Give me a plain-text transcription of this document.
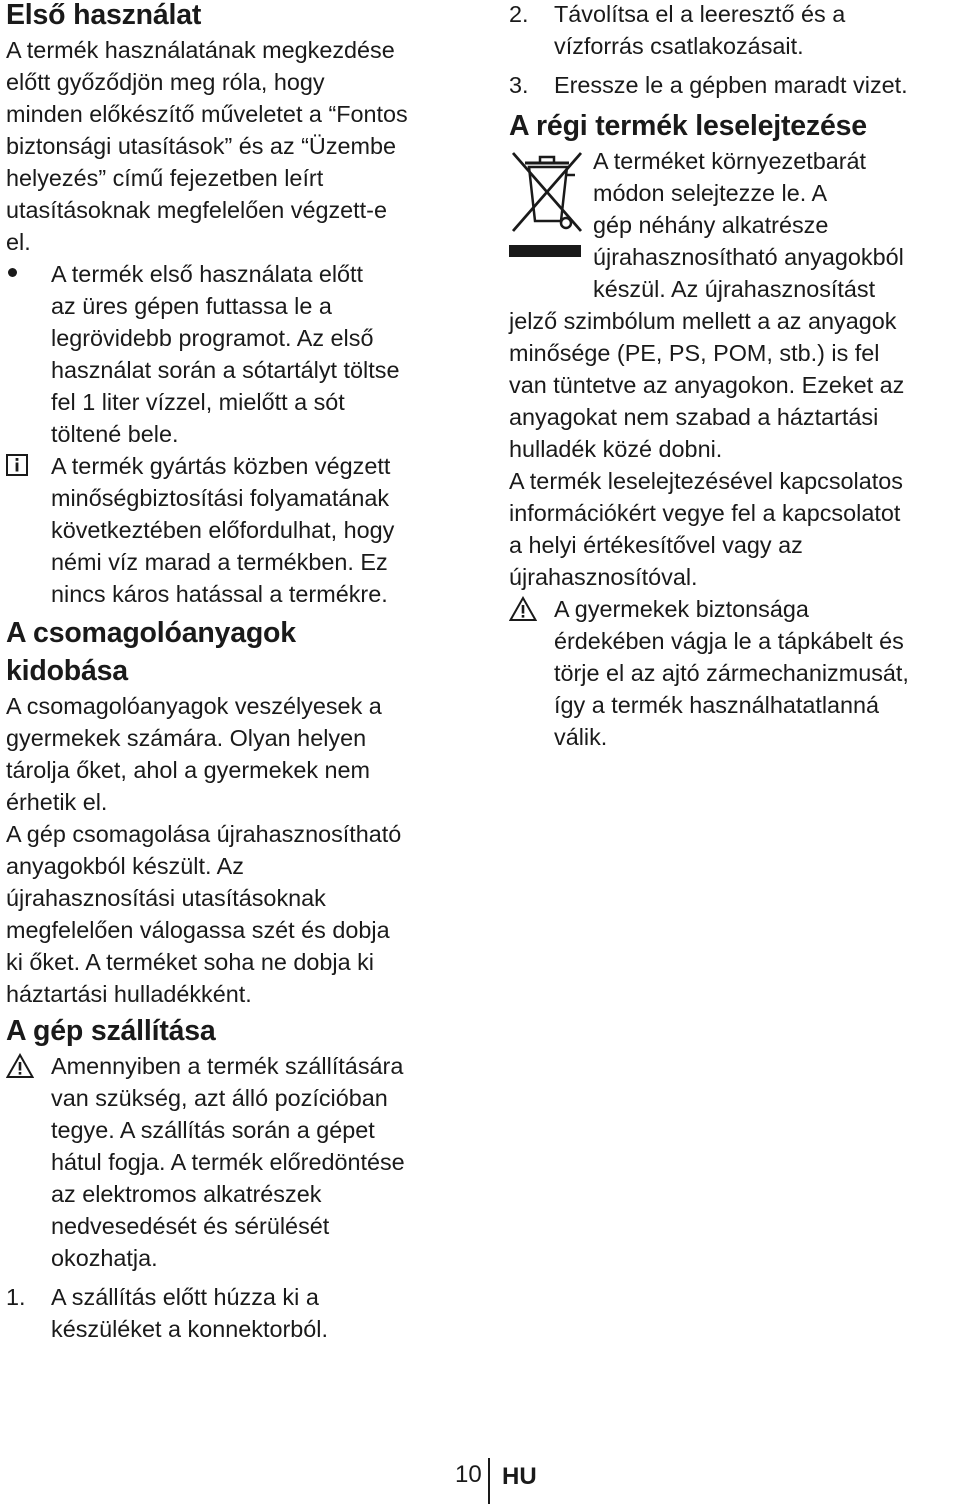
Első használat

A termék használatának megkezdése

előtt győződjön meg róla, hogy

minden előkészítő műveletet a “Fontos

biztonsági utasítások” és az “Üzembe

helyezés” című fejezetben leírt

utasításoknak megfelelően végzett-e

el.

A termék első használata előtt
az üres gépen futtassa le a
legrövidebb programot. Az első
használat során a sótartályt töltse
fel 1 liter vízzel, mielőtt a sót
töltené bele.
A termék gyártás közben végzett
minőségbiztosítási folyamatának
következtében előfordulhat, hogy
némi víz marad a termékben. Ez
nincs káros hatással a termékre.
A csomagolóanyagok
kidobása

A csomagolóanyagok veszélyesek a

gyermekek számára. Olyan helyen

tárolja őket, ahol a gyermekek nem

érhetik el.

A gép csomagolása újrahasznosítható

anyagokból készült. Az

újrahasznosítási utasításoknak

megfelelően válogassa szét és dobja

ki őket. A terméket soha ne dobja ki

háztartási hulladékként.

A gép szállítása
Amennyiben a termék szállítására
van szükség, azt álló pozícióban
tegye. A szállítás során a gépet
hátul fogja. A termék előredöntése
az elektromos alkatrészek
nedvesedését és sérülését
okozhatja.
1.	A szállítás előtt húzza ki a
készüléket a konnektorból.
2.	Távolítsa el a leeresztő és a
vízforrás csatlakozásait.
3.	Eressze le a gépben maradt vizet.
A régi termék leselejtezése

A terméket környezetbarát

módon selejtezze le. A

gép néhány alkatrésze

újrahasznosítható anyagokból

készül. Az újrahasznosítást

jelző szimbólum mellett a az anyagok

minősége (PE, PS, POM, stb.) is fel

van tüntetve az anyagokon. Ezeket az

anyagokat nem szabad a háztartási

hulladék közé dobni.

A termék leselejtezésével kapcsolatos

információkért vegye fel a kapcsolatot

a helyi értékesítővel vagy az

újrahasznosítóval.

A gyermekek biztonsága
érdekében vágja le a tápkábelt és
törje el az ajtó zármechanizmusát,
így a termék használhatatlanná
válik.
10 HU
